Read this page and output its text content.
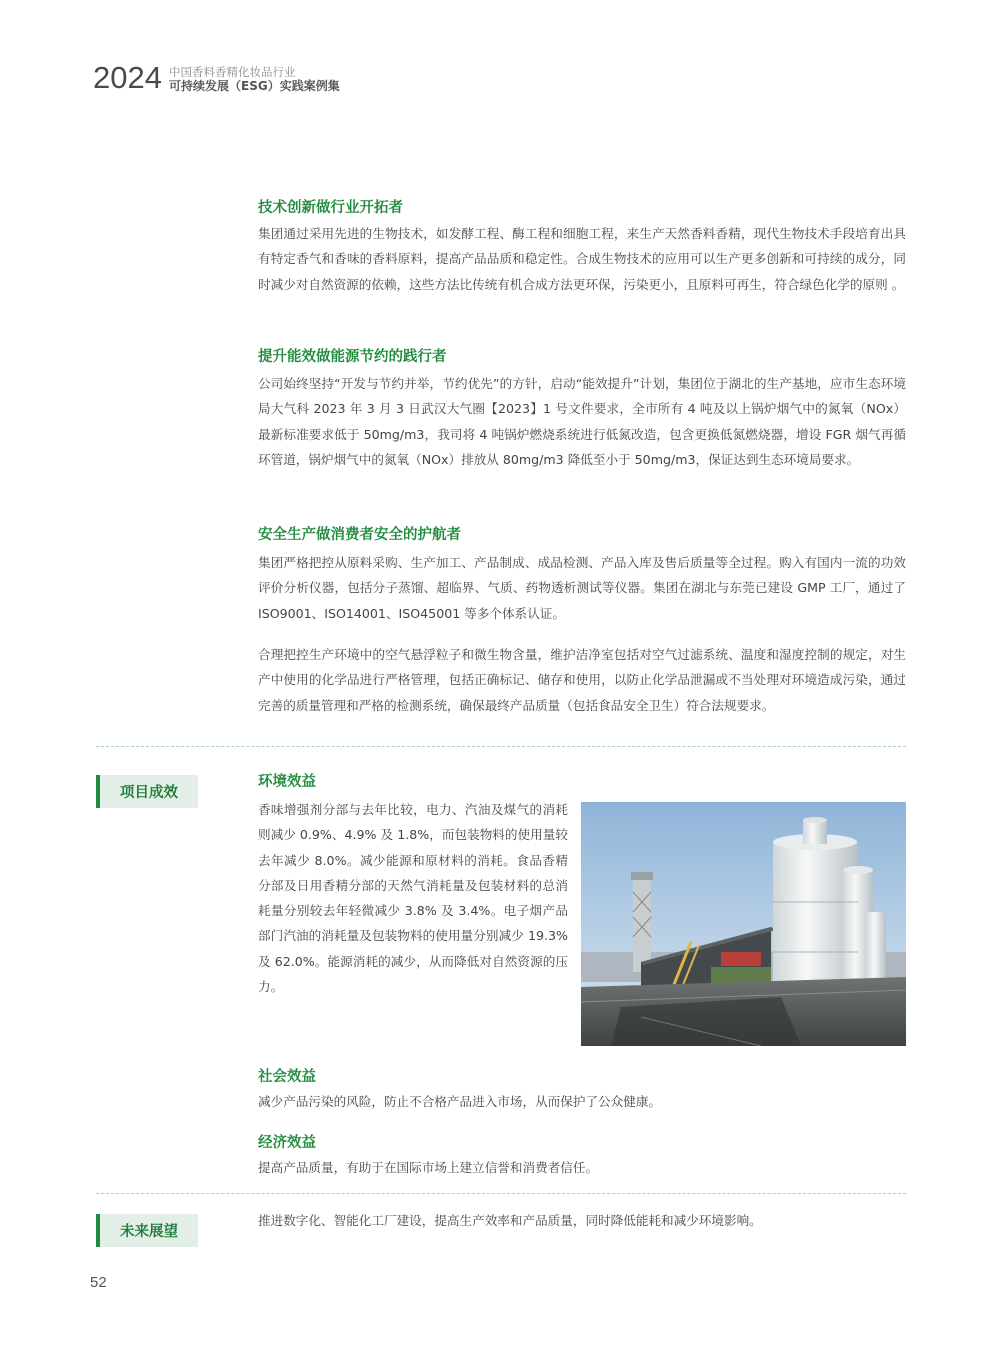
2024 中国香料香精化妆品行业
可持续发展（ESG）实践案例集
技术创新做行业开拓者
集团通过采用先进的生物技术，如发酵工程、酶工程和细胞工程，来生产天然香料香精，现代生物技术手段培育出具有特定香气和香味的香料原料，提高产品品质和稳定性。合成生物技术的应用可以生产更多创新和可持续的成分，同时减少对自然资源的依赖，这些方法比传统有机合成方法更环保，污染更小，且原料可再生，符合绿色化学的原则 。
提升能效做能源节约的践行者
公司始终坚持“开发与节约并举，节约优先”的方针，启动“能效提升”计划，集团位于湖北的生产基地，应市生态环境局大气科 2023 年 3 月 3 日武汉大气圈【2023】1 号文件要求，全市所有 4 吨及以上锅炉烟气中的氮氧（NOx）最新标准要求低于 50mg/m3，我司将 4 吨锅炉燃烧系统进行低氮改造，包含更换低氮燃烧器，增设 FGR 烟气再循环管道，锅炉烟气中的氮氧（NOx）排放从 80mg/m3 降低至小于 50mg/m3，保证达到生态环境局要求。
安全生产做消费者安全的护航者
集团严格把控从原料采购、生产加工、产品制成、成品检测、产品入库及售后质量等全过程。购入有国内一流的功效评价分析仪器，包括分子蒸馏、超临界、气质、药物透析测试等仪器。集团在湖北与东莞已建设 GMP 工厂，通过了 ISO9001、ISO14001、ISO45001 等多个体系认证。
合理把控生产环境中的空气悬浮粒子和微生物含量，维护洁净室包括对空气过滤系统、温度和湿度控制的规定，对生产中使用的化学品进行严格管理，包括正确标记、储存和使用，以防止化学品泄漏或不当处理对环境造成污染，通过完善的质量管理和严格的检测系统，确保最终产品质量（包括食品安全卫生）符合法规要求。
项目成效
环境效益
香味增强剂分部与去年比较，电力、汽油及煤气的消耗则减少 0.9%、4.9% 及 1.8%，而包装物料的使用量较去年减少 8.0%。减少能源和原材料的消耗。食品香精分部及日用香精分部的天然气消耗量及包装材料的总消耗量分别较去年轻微减少 3.8% 及 3.4%。电子烟产品部门汽油的消耗量及包装物料的使用量分别减少 19.3% 及 62.0%。能源消耗的减少，从而降低对自然资源的压力。
社会效益
减少产品污染的风险，防止不合格产品进入市场，从而保护了公众健康。
经济效益
提高产品质量，有助于在国际市场上建立信誉和消费者信任。
未来展望
推进数字化、智能化工厂建设，提高生产效率和产品质量，同时降低能耗和减少环境影响。
52
